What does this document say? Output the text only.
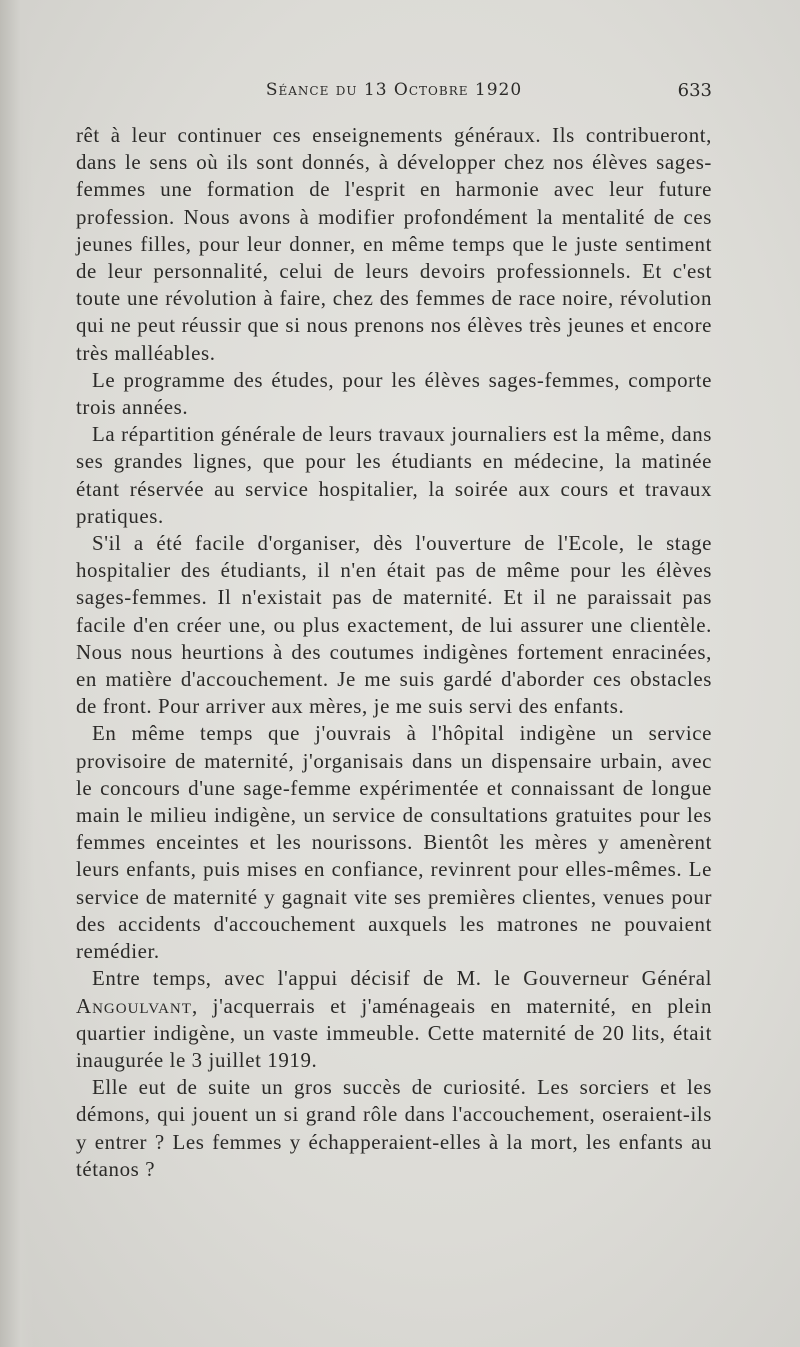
Séance du 13 Octobre 1920	633

rêt à leur continuer ces enseignements généraux. Ils contribueront, dans le sens où ils sont donnés, à développer chez nos élèves sages-femmes une formation de l'esprit en harmonie avec leur future profession. Nous avons à modifier profondément la mentalité de ces jeunes filles, pour leur donner, en même temps que le juste sentiment de leur personnalité, celui de leurs devoirs professionnels. Et c'est toute une révolution à faire, chez des femmes de race noire, révolution qui ne peut réussir que si nous prenons nos élèves très jeunes et encore très malléables.

Le programme des études, pour les élèves sages-femmes, comporte trois années.

La répartition générale de leurs travaux journaliers est la même, dans ses grandes lignes, que pour les étudiants en médecine, la matinée étant réservée au service hospitalier, la soirée aux cours et travaux pratiques.

S'il a été facile d'organiser, dès l'ouverture de l'Ecole, le stage hospitalier des étudiants, il n'en était pas de même pour les élèves sages-femmes. Il n'existait pas de maternité. Et il ne paraissait pas facile d'en créer une, ou plus exactement, de lui assurer une clientèle. Nous nous heurtions à des coutumes indigènes fortement enracinées, en matière d'accouchement. Je me suis gardé d'aborder ces obstacles de front. Pour arriver aux mères, je me suis servi des enfants.

En même temps que j'ouvrais à l'hôpital indigène un service provisoire de maternité, j'organisais dans un dispensaire urbain, avec le concours d'une sage-femme expérimentée et connaissant de longue main le milieu indigène, un service de consultations gratuites pour les femmes enceintes et les nourissons. Bientôt les mères y amenèrent leurs enfants, puis mises en confiance, revinrent pour elles-mêmes. Le service de maternité y gagnait vite ses premières clientes, venues pour des accidents d'accouchement auxquels les matrones ne pouvaient remédier.

Entre temps, avec l'appui décisif de M. le Gouverneur Général Angoulvant, j'acquerrais et j'aménageais en maternité, en plein quartier indigène, un vaste immeuble. Cette maternité de 20 lits, était inaugurée le 3 juillet 1919.

Elle eut de suite un gros succès de curiosité. Les sorciers et les démons, qui jouent un si grand rôle dans l'accouchement, oseraient-ils y entrer ? Les femmes y échapperaient-elles à la mort, les enfants au tétanos ?
